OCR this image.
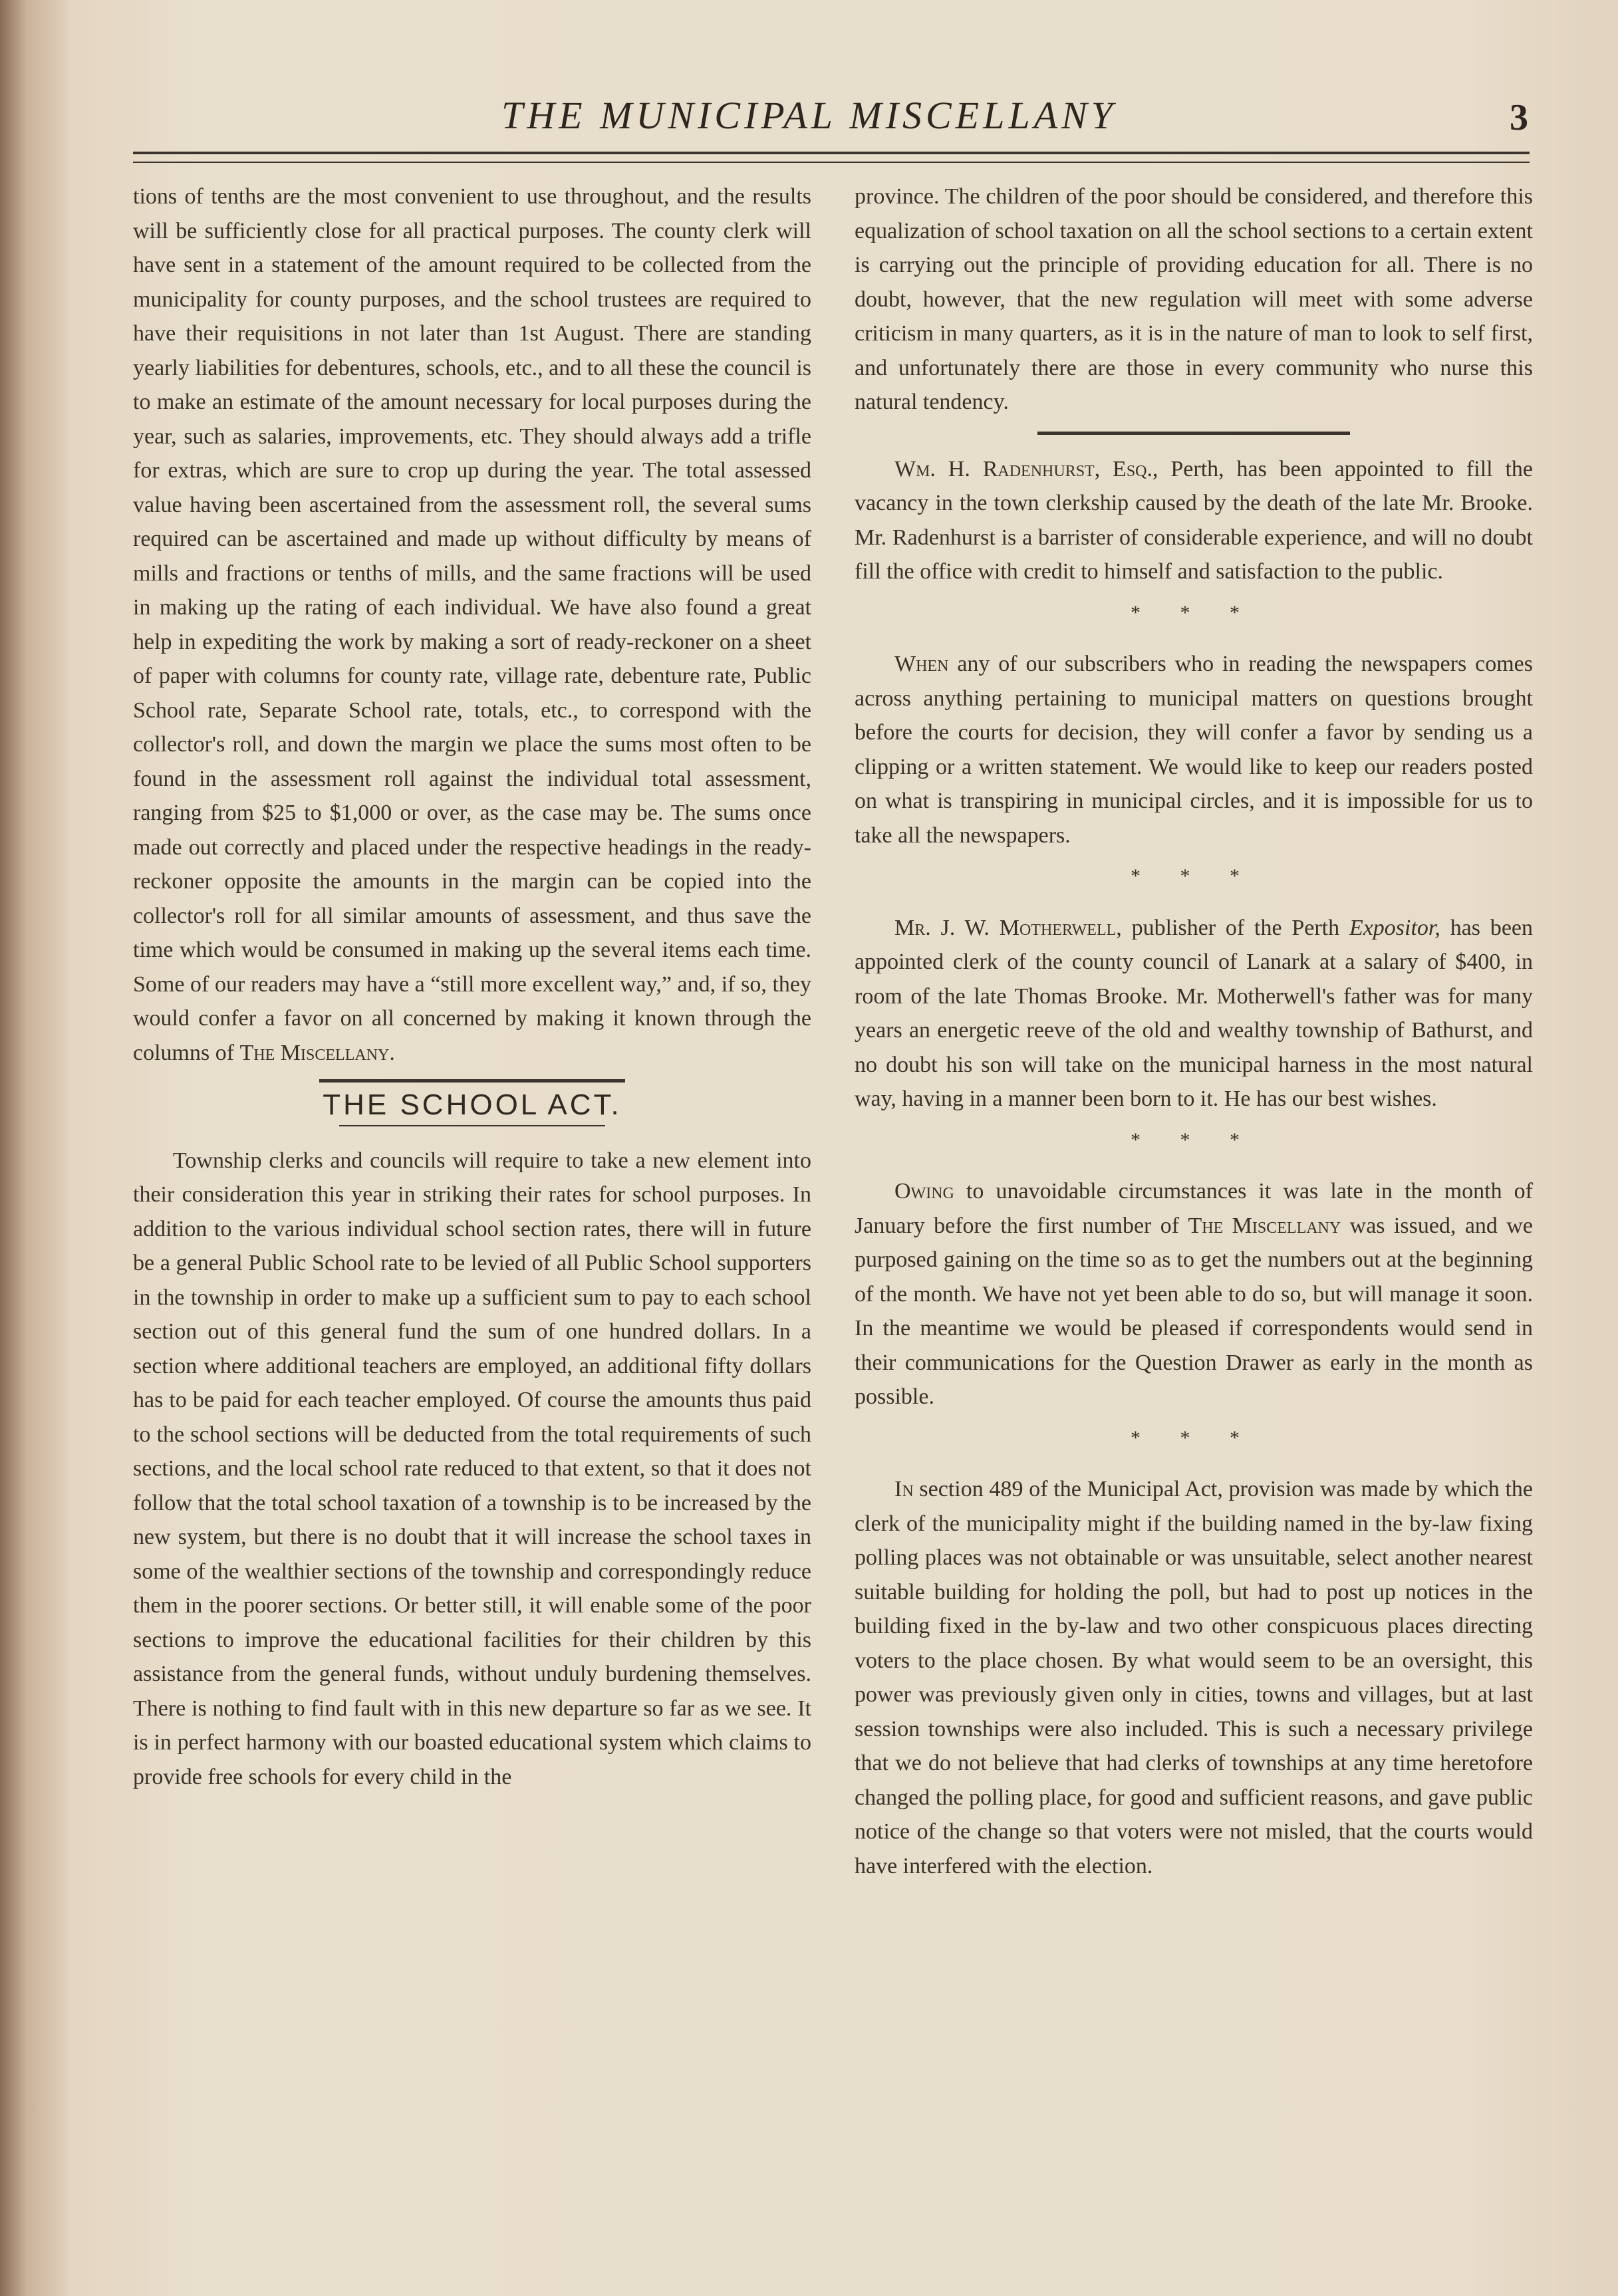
THE MUNICIPAL MISCELLANY	3

tions of tenths are the most convenient to use throughout, and the results will be sufficiently close for all practical purposes. The county clerk will have sent in a statement of the amount required to be collected from the municipality for county purposes, and the school trustees are required to have their requisitions in not later than 1st August. There are standing yearly liabilities for debentures, schools, etc., and to all these the council is to make an estimate of the amount necessary for local purposes during the year, such as salaries, improvements, etc. They should always add a trifle for extras, which are sure to crop up during the year. The total assessed value having been ascertained from the assessment roll, the several sums required can be ascertained and made up without difficulty by means of mills and fractions or tenths of mills, and the same fractions will be used in making up the rating of each individual. We have also found a great help in expediting the work by making a sort of ready-reckoner on a sheet of paper with columns for county rate, village rate, debenture rate, Public School rate, Separate School rate, totals, etc., to correspond with the collector's roll, and down the margin we place the sums most often to be found in the assessment roll against the individual total assessment, ranging from $25 to $1,000 or over, as the case may be. The sums once made out correctly and placed under the respective headings in the ready-reckoner opposite the amounts in the margin can be copied into the collector's roll for all similar amounts of assessment, and thus save the time which would be consumed in making up the several items each time. Some of our readers may have a “still more excellent way,” and, if so, they would confer a favor on all concerned by making it known through the columns of The Miscellany.

THE SCHOOL ACT.

Township clerks and councils will require to take a new element into their consideration this year in striking their rates for school purposes. In addition to the various individual school section rates, there will in future be a general Public School rate to be levied of all Public School supporters in the township in order to make up a sufficient sum to pay to each school section out of this general fund the sum of one hundred dollars. In a section where additional teachers are employed, an additional fifty dollars has to be paid for each teacher employed. Of course the amounts thus paid to the school sections will be deducted from the total requirements of such sections, and the local school rate reduced to that extent, so that it does not follow that the total school taxation of a township is to be increased by the new system, but there is no doubt that it will increase the school taxes in some of the wealthier sections of the township and correspondingly reduce them in the poorer sections. Or better still, it will enable some of the poor sections to improve the educational facilities for their children by this assistance from the general funds, without unduly burdening themselves. There is nothing to find fault with in this new departure so far as we see. It is in perfect harmony with our boasted educational system which claims to provide free schools for every child in the

province. The children of the poor should be considered, and therefore this equalization of school taxation on all the school sections to a certain extent is carrying out the principle of providing education for all. There is no doubt, however, that the new regulation will meet with some adverse criticism in many quarters, as it is in the nature of man to look to self first, and unfortunately there are those in every community who nurse this natural tendency.

Wm. H. Radenhurst, Esq., Perth, has been appointed to fill the vacancy in the town clerkship caused by the death of the late Mr. Brooke. Mr. Radenhurst is a barrister of considerable experience, and will no doubt fill the office with credit to himself and satisfaction to the public.

* * *

When any of our subscribers who in reading the newspapers comes across anything pertaining to municipal matters on questions brought before the courts for decision, they will confer a favor by sending us a clipping or a written statement. We would like to keep our readers posted on what is transpiring in municipal circles, and it is impossible for us to take all the newspapers.

* * *

Mr. J. W. Motherwell, publisher of the Perth Expositor, has been appointed clerk of the county council of Lanark at a salary of $400, in room of the late Thomas Brooke. Mr. Motherwell's father was for many years an energetic reeve of the old and wealthy township of Bathurst, and no doubt his son will take on the municipal harness in the most natural way, having in a manner been born to it. He has our best wishes.

* * *

Owing to unavoidable circumstances it was late in the month of January before the first number of The Miscellany was issued, and we purposed gaining on the time so as to get the numbers out at the beginning of the month. We have not yet been able to do so, but will manage it soon. In the meantime we would be pleased if correspondents would send in their communications for the Question Drawer as early in the month as possible.

* * *

In section 489 of the Municipal Act, provision was made by which the clerk of the municipality might if the building named in the by-law fixing polling places was not obtainable or was unsuitable, select another nearest suitable building for holding the poll, but had to post up notices in the building fixed in the by-law and two other conspicuous places directing voters to the place chosen. By what would seem to be an oversight, this power was previously given only in cities, towns and villages, but at last session townships were also included. This is such a necessary privilege that we do not believe that had clerks of townships at any time heretofore changed the polling place, for good and sufficient reasons, and gave public notice of the change so that voters were not misled, that the courts would have interfered with the election.
